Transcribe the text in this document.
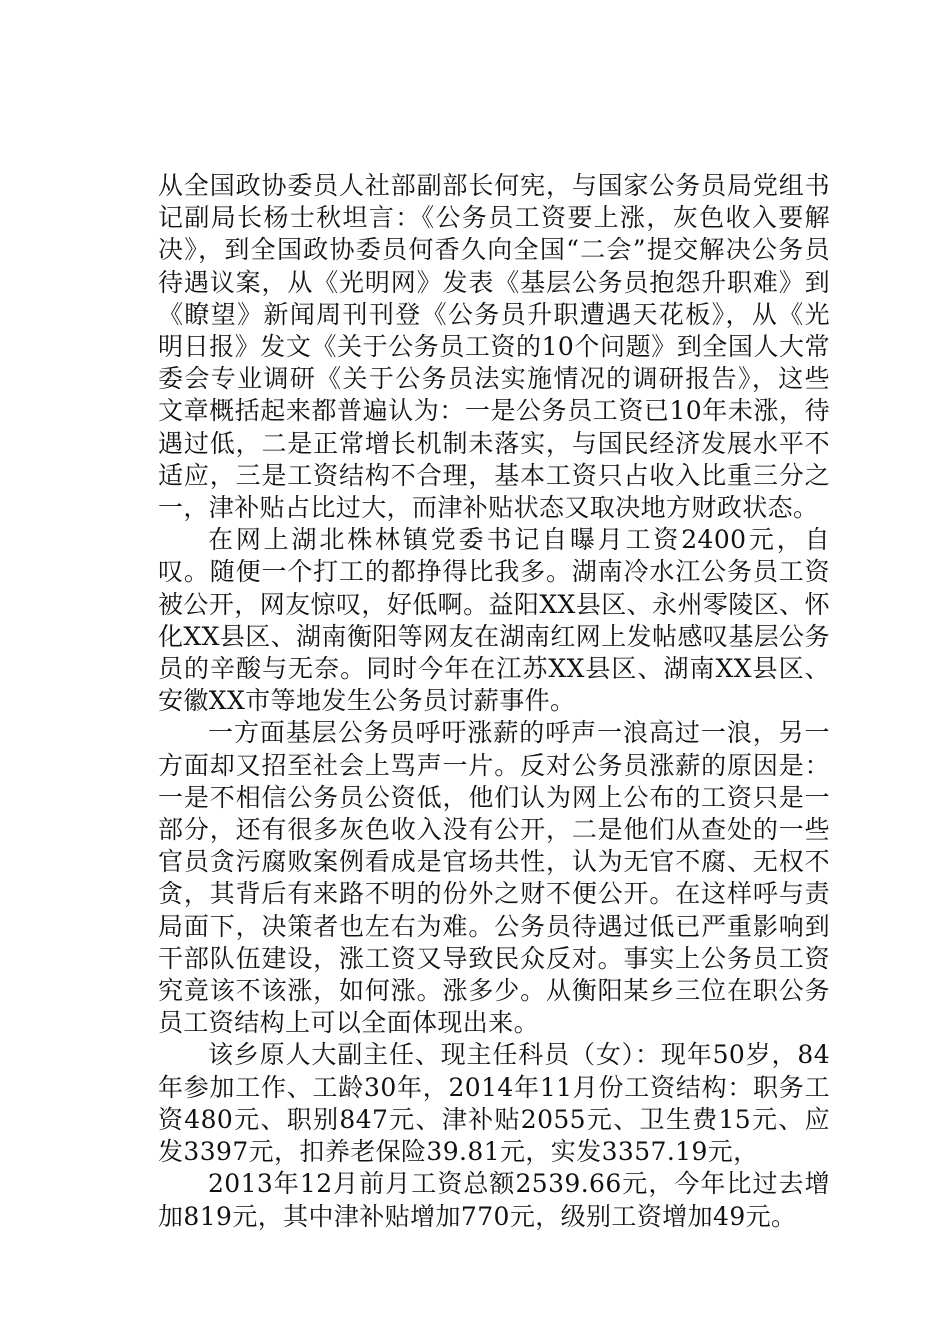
从全国政协委员人社部副部长何宪，与国家公务员局党组书记副局长杨士秋坦言：《公务员工资要上涨，灰色收入要解决》，到全国政协委员何香久向全国“二会”提交解决公务员待遇议案，从《光明网》发表《基层公务员抱怨升职难》到《瞭望》新闻周刊刊登《公务员升职遭遇天花板》，从《光明日报》发文《关于公务员工资的10个问题》到全国人大常委会专业调研《关于公务员法实施情况的调研报告》，这些文章概括起来都普遍认为：一是公务员工资已10年未涨，待遇过低，二是正常增长机制未落实，与国民经济发展水平不适应，三是工资结构不合理，基本工资只占收入比重三分之一，津补贴占比过大，而津补贴状态又取决地方财政状态。

在网上湖北株林镇党委书记自曝月工资2400元，自叹。随便一个打工的都挣得比我多。湖南冷水江公务员工资被公开，网友惊叹，好低啊。益阳XX县区、永州零陵区、怀化XX县区、湖南衡阳等网友在湖南红网上发帖感叹基层公务员的辛酸与无奈。同时今年在江苏XX县区、湖南XX县区、安徽XX市等地发生公务员讨薪事件。

一方面基层公务员呼吁涨薪的呼声一浪高过一浪，另一方面却又招至社会上骂声一片。反对公务员涨薪的原因是：一是不相信公务员公资低，他们认为网上公布的工资只是一部分，还有很多灰色收入没有公开，二是他们从查处的一些官员贪污腐败案例看成是官场共性，认为无官不腐、无权不贪，其背后有来路不明的份外之财不便公开。在这样呼与责局面下，决策者也左右为难。公务员待遇过低已严重影响到干部队伍建设，涨工资又导致民众反对。事实上公务员工资究竟该不该涨，如何涨。涨多少。从衡阳某乡三位在职公务员工资结构上可以全面体现出来。

该乡原人大副主任、现主任科员（女）：现年50岁，84年参加工作、工龄30年，2014年11月份工资结构：职务工资480元、职别847元、津补贴2055元、卫生费15元、应发3397元，扣养老保险39.81元，实发3357.19元，

2013年12月前月工资总额2539.66元，今年比过去增加819元，其中津补贴增加770元，级别工资增加49元。
